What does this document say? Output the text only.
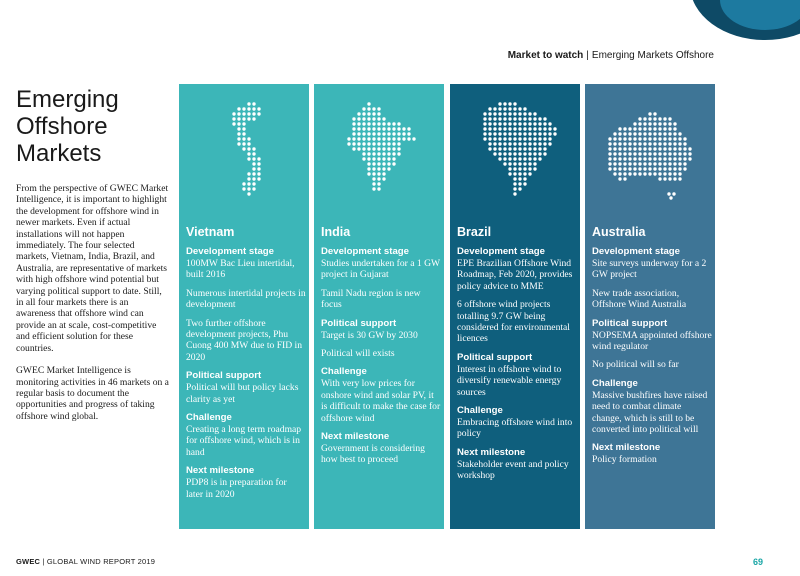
Market to watch | Emerging Markets Offshore
Emerging Offshore Markets

From the perspective of GWEC Market Intelligence, it is important to highlight the development for offshore wind in newer markets. Even if actual installations will not happen immediately. The four selected markets, Vietnam, India, Brazil, and Australia, are representative of markets with high offshore wind potential but varying political support to date. Still, in all four markets there is an awareness that offshore wind can provide an at scale, cost-competitive and efficient solution for these countries.

GWEC Market Intelligence is monitoring activities in 46 markets on a regular basis to document the opportunities and progress of taking offshore wind global.

Vietnam
Development stage
100MW Bac Lieu intertidal, built 2016
Numerous intertidal projects in development
Two further offshore development projects, Phu Cuong 400 MW due to FID in 2020
Political support
Political will but policy lacks clarity as yet
Challenge
Creating a long term roadmap for offshore wind, which is in hand
Next milestone
PDP8 is in preparation for later in 2020
India
Development stage
Studies undertaken for a 1 GW project in Gujarat
Tamil Nadu region is new focus
Political support
Target is 30 GW by 2030
Political will exists
Challenge
With very low prices for onshore wind and solar PV, it is difficult to make the case for offshore wind
Next milestone
Government is considering how best to proceed
Brazil
Development stage
EPE Brazilian Offshore Wind Roadmap, Feb 2020, provides policy advice to MME
6 offshore wind projects totalling 9.7 GW being considered for environmental licences
Political support
Interest in offshore wind to diversify renewable energy sources
Challenge
Embracing offshore wind into policy
Next milestone
Stakeholder event and policy workshop
Australia
Development stage
Site surveys underway for a 2 GW project
New trade association, Offshore Wind Australia
Political support
NOPSEMA appointed offshore wind regulator
No political will so far
Challenge
Massive bushfires have raised need to combat climate change, which is still to be converted into political will
Next milestone
Policy formation
GWEC | GLOBAL WIND REPORT 2019	69
